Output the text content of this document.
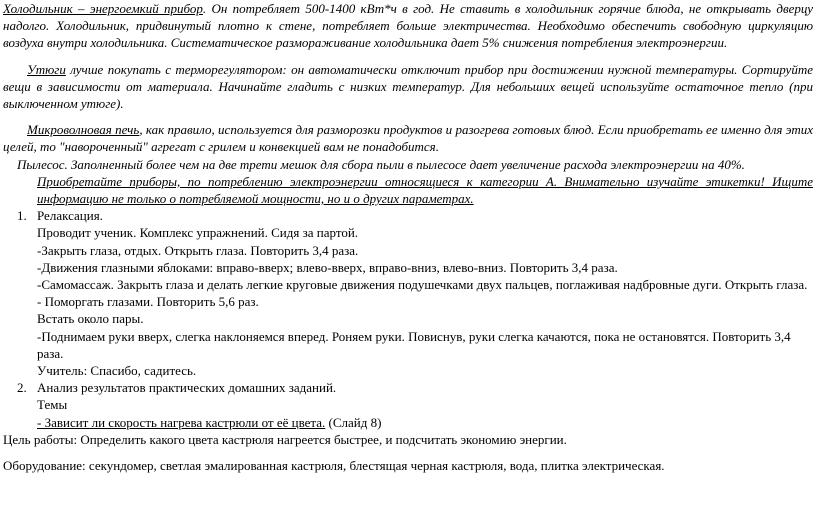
Холодильник – энергоемкий прибор. Он потребляет 500-1400 кВт*ч в год. Не ставить в холодильник горячие блюда, не открывать дверцу надолго. Холодильник, придвинутый плотно к стене, потребляет больше электричества. Необходимо обеспечить свободную циркуляцию воздуха внутри холодильника. Систематическое размораживание холодильника дает 5% снижения потребления электроэнергии.

Утюги лучше покупать с терморегулятором: он автоматически отключит прибор при достижении нужной температуры. Сортируйте вещи в зависимости от материала. Начинайте гладить с низких температур. Для небольших вещей используйте остаточное тепло (при выключенном утюге).

Микроволновая печь, как правило, используется для разморозки продуктов и разогрева готовых блюд. Если приобретать ее именно для этих целей, то "навороченный" агрегат с грилем и конвекцией вам не понадобится.

Пылесос. Заполненный более чем на две трети мешок для сбора пыли в пылесосе дает увеличение расхода электроэнергии на 40%.

Приобретайте приборы, по потреблению электроэнергии относящиеся к категории А. Внимательно изучайте этикетки! Ищите информацию не только о потребляемой мощности, но и о других параметрах.

1. Релаксация.
Проводит ученик. Комплекс упражнений. Сидя за партой.
-Закрыть глаза, отдых. Открыть глаза. Повторить 3,4 раза.
-Движения глазными яблоками: вправо-вверх; влево-вверх, вправо-вниз, влево-вниз. Повторить 3,4 раза.
-Самомассаж. Закрыть глаза и делать легкие круговые движения подушечками двух пальцев, поглаживая надбровные дуги. Открыть глаза.
- Поморгать глазами. Повторить 5,6 раз.
Встать около пары.
-Поднимаем руки вверх, слегка наклоняемся вперед. Роняем руки. Повиснув, руки слегка качаются, пока не остановятся. Повторить 3,4 раза.
Учитель: Спасибо, садитесь.
2. Анализ результатов практических домашних заданий.
Темы
- Зависит ли скорость нагрева кастрюли от её цвета. (Слайд 8)

Цель работы: Определить какого цвета кастрюля нагреется быстрее, и подсчитать экономию энергии.

Оборудование: секундомер, светлая эмалированная кастрюля, блестящая черная кастрюля, вода, плитка электрическая.
